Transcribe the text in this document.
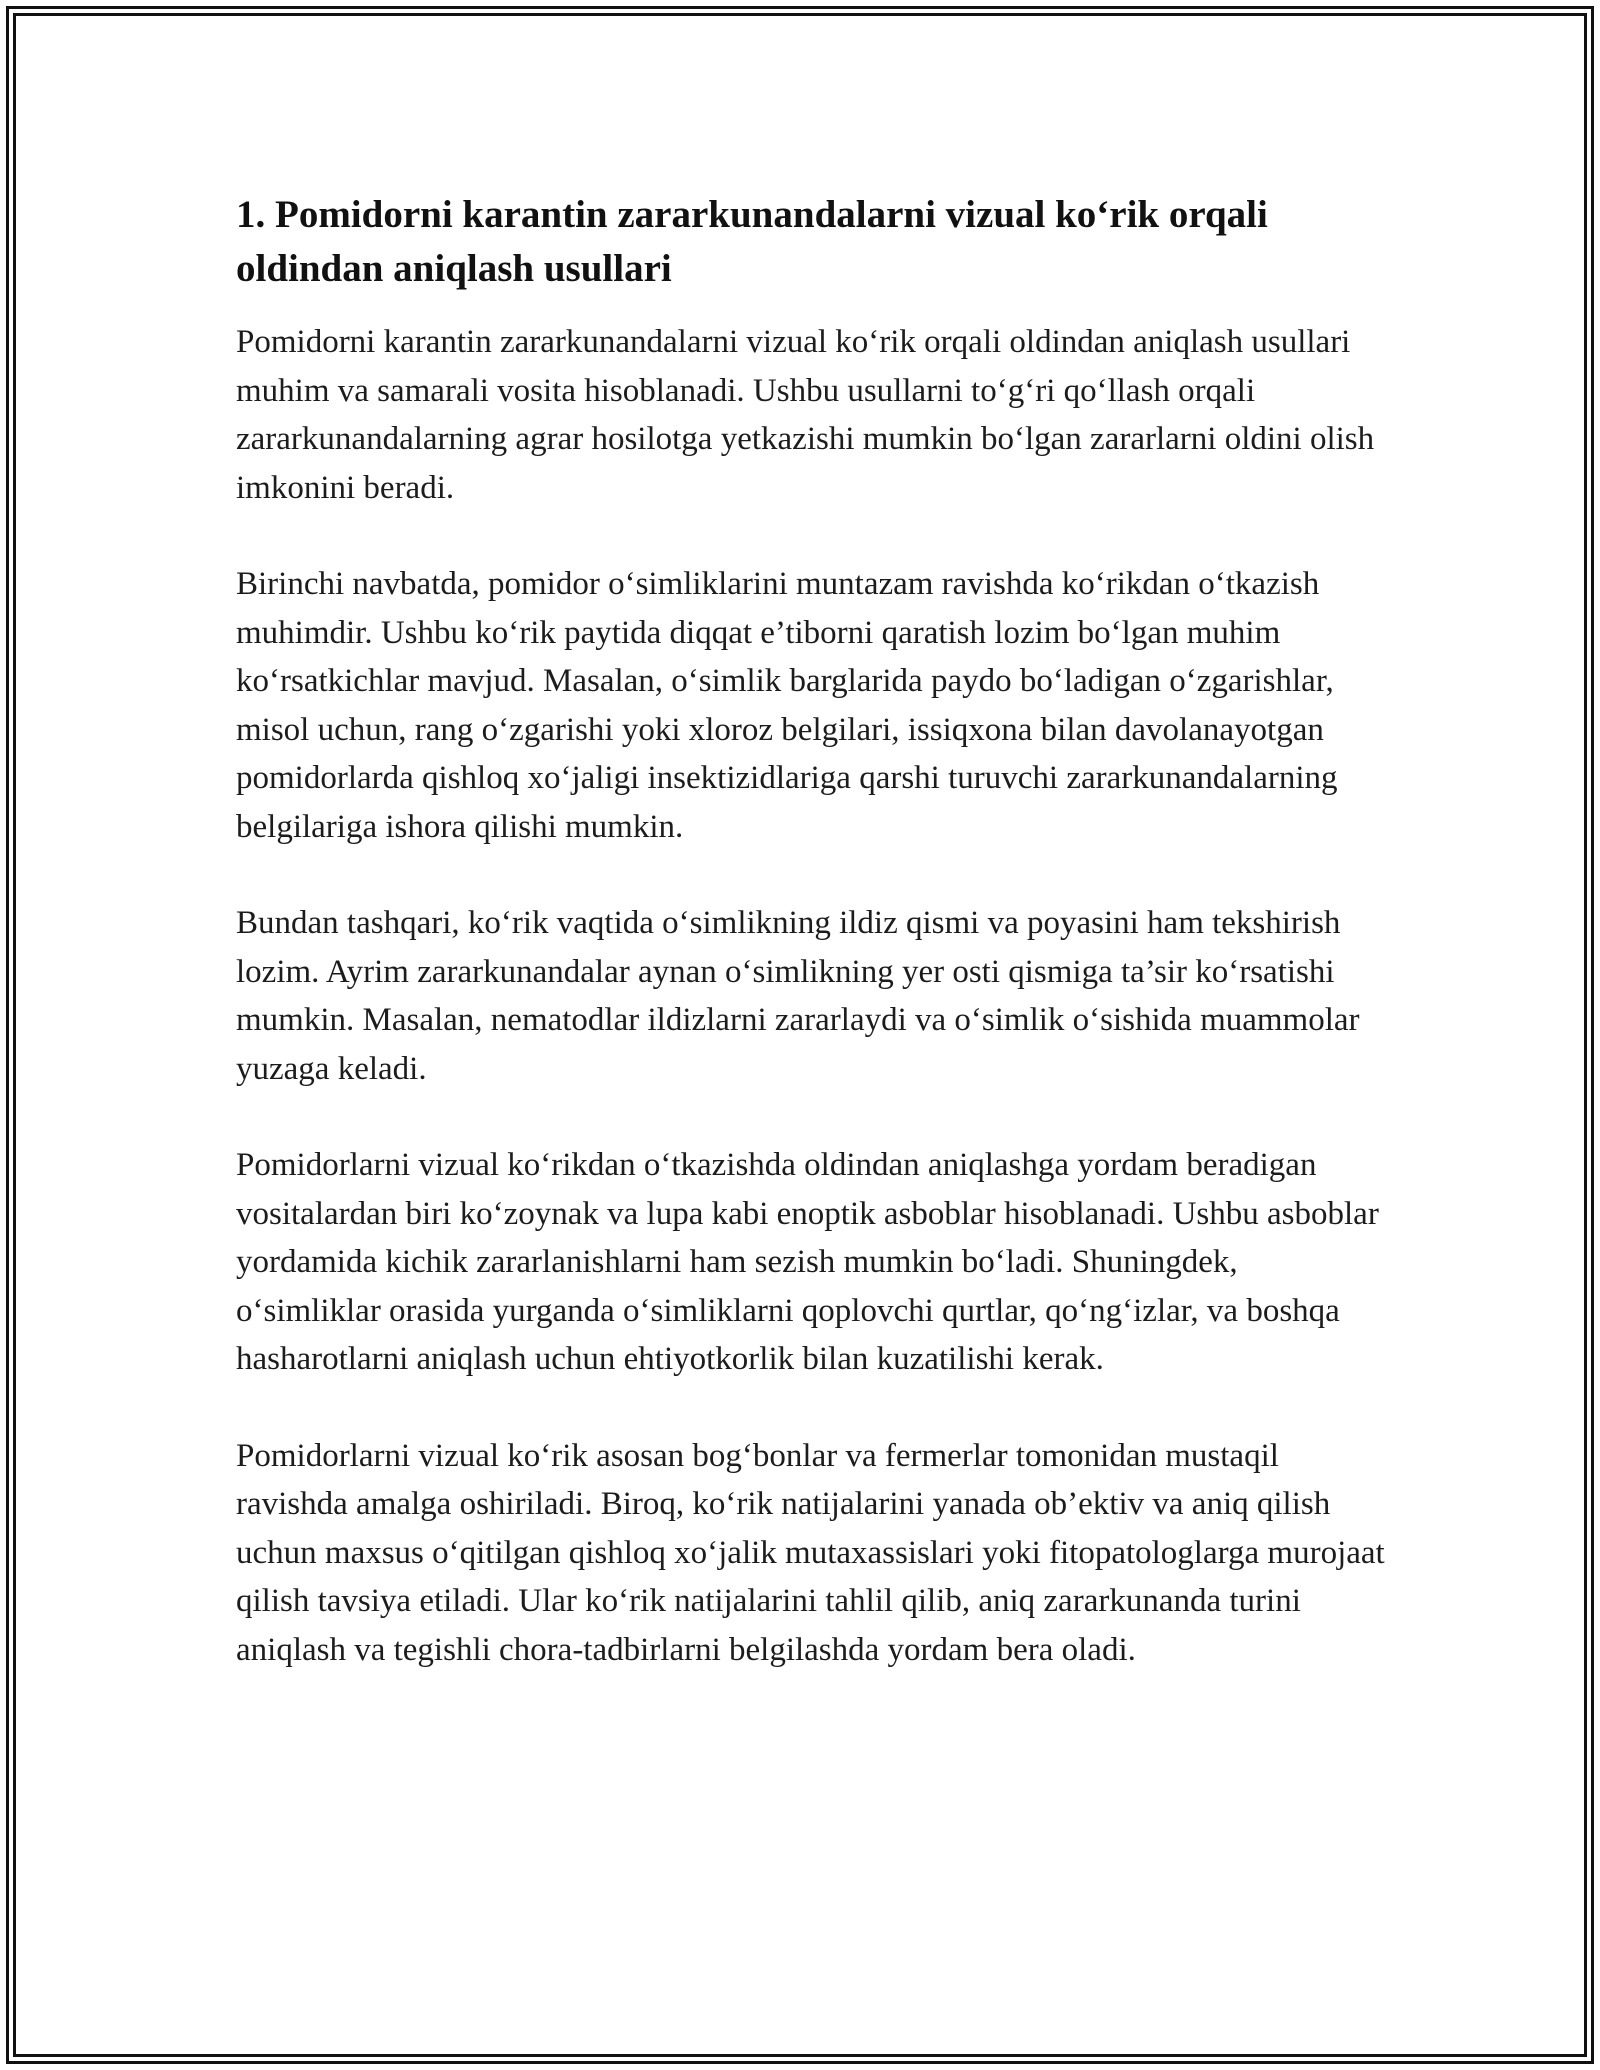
1. Pomidorni karantin zararkunandalarni vizual ko‘rik orqali oldindan aniqlash usullari

Pomidorni karantin zararkunandalarni vizual ko‘rik orqali oldindan aniqlash usullari muhim va samarali vosita hisoblanadi. Ushbu usullarni to‘g‘ri qo‘llash orqali zararkunandalarning agrar hosilotga yetkazishi mumkin bo‘lgan zararlarni oldini olish imkonini beradi.

Birinchi navbatda, pomidor o‘simliklarini muntazam ravishda ko‘rikdan o‘tkazish muhimdir. Ushbu ko‘rik paytida diqqat e’tiborni qaratish lozim bo‘lgan muhim ko‘rsatkichlar mavjud. Masalan, o‘simlik barglarida paydo bo‘ladigan o‘zgarishlar, misol uchun, rang o‘zgarishi yoki xloroz belgilari, issiqxona bilan davolanayotgan pomidorlarda qishloq xo‘jaligi insektizidlariga qarshi turuvchi zararkunandalarning belgilariga ishora qilishi mumkin.

Bundan tashqari, ko‘rik vaqtida o‘simlikning ildiz qismi va poyasini ham tekshirish lozim. Ayrim zararkunandalar aynan o‘simlikning yer osti qismiga ta’sir ko‘rsatishi mumkin. Masalan, nematodlar ildizlarni zararlaydi va o‘simlik o‘sishida muammolar yuzaga keladi.

Pomidorlarni vizual ko‘rikdan o‘tkazishda oldindan aniqlashga yordam beradigan vositalardan biri ko‘zoynak va lupa kabi enoptik asboblar hisoblanadi. Ushbu asboblar yordamida kichik zararlanishlarni ham sezish mumkin bo‘ladi. Shuningdek, o‘simliklar orasida yurganda o‘simliklarni qoplovchi qurtlar, qo‘ng‘izlar, va boshqa hasharotlarni aniqlash uchun ehtiyotkorlik bilan kuzatilishi kerak.

Pomidorlarni vizual ko‘rik asosan bog‘bonlar va fermerlar tomonidan mustaqil ravishda amalga oshiriladi. Biroq, ko‘rik natijalarini yanada ob’ektiv va aniq qilish uchun maxsus o‘qitilgan qishloq xo‘jalik mutaxassislari yoki fitopatologlarga murojaat qilish tavsiya etiladi. Ular ko‘rik natijalarini tahlil qilib, aniq zararkunanda turini aniqlash va tegishli chora-tadbirlarni belgilashda yordam bera oladi.
